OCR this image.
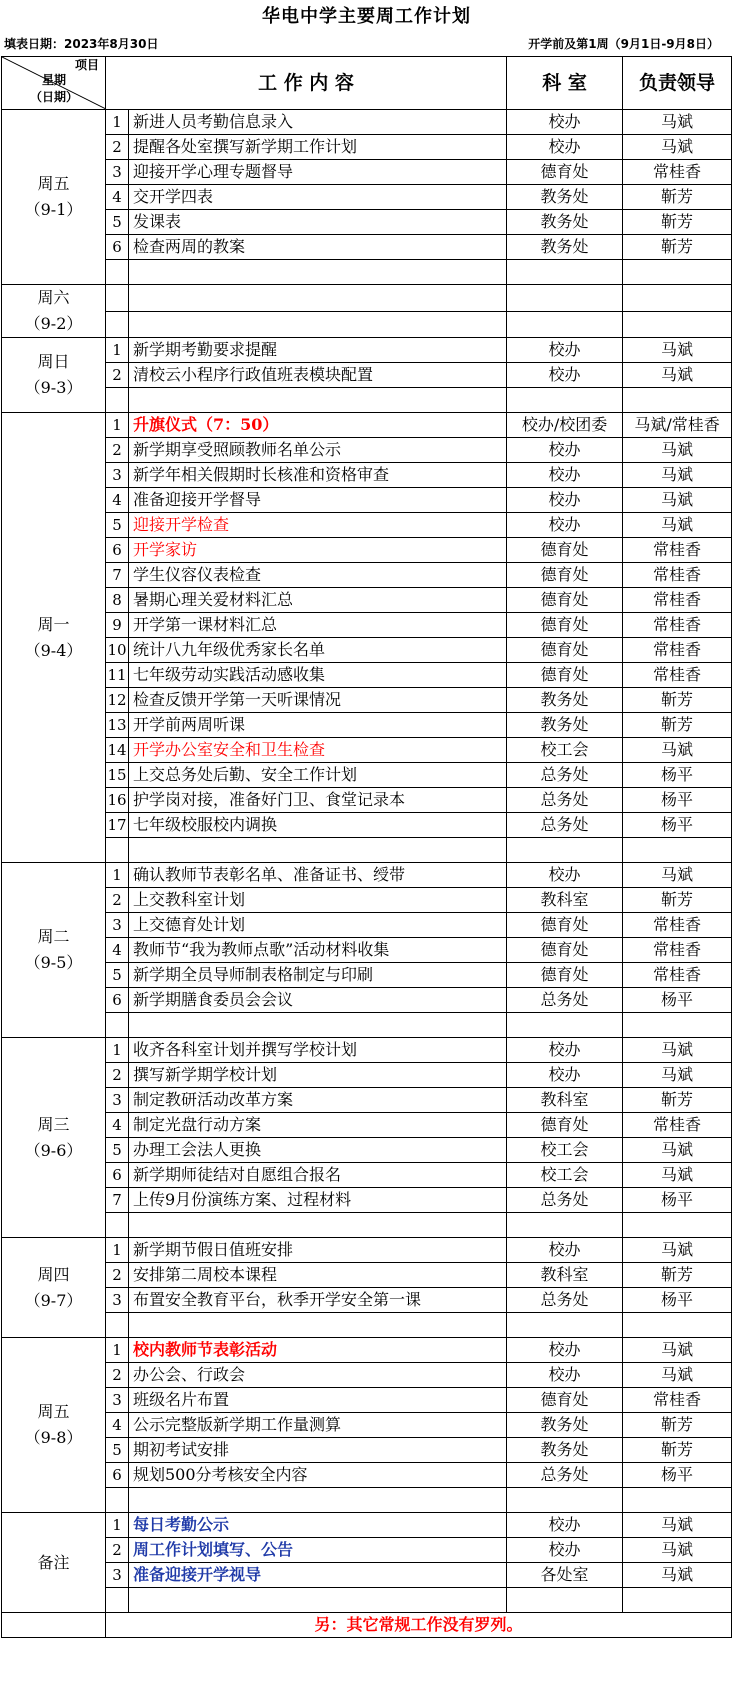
华电中学主要周工作计划
填表日期：2023年8月30日	开学前及第1周（9月1日-9月8日）
项目
星期
（日期）	工 作 内 容		科 室	负责领导

周五
（9-1）	1	新进人员考勤信息录入	校办	马斌
	2	提醒各处室撰写新学期工作计划	校办	马斌
	3	迎接开学心理专题督导	德育处	常桂香
	4	交开学四表	教务处	靳芳
	5	发课表	教务处	靳芳
	6	检查两周的教案	教务处	靳芳

周六
（9-2）				

周日
（9-3）	1	新学期考勤要求提醒	校办	马斌
	2	清校云小程序行政值班表模块配置	校办	马斌

周一
（9-4）	1	升旗仪式（7：50）	校办/校团委	马斌/常桂香
	2	新学期享受照顾教师名单公示	校办	马斌
	3	新学年相关假期时长核准和资格审查	校办	马斌
	4	准备迎接开学督导	校办	马斌
	5	迎接开学检查	校办	马斌
	6	开学家访	德育处	常桂香
	7	学生仪容仪表检查	德育处	常桂香
	8	暑期心理关爱材料汇总	德育处	常桂香
	9	开学第一课材料汇总	德育处	常桂香
	10	统计八九年级优秀家长名单	德育处	常桂香
	11	七年级劳动实践活动感收集	德育处	常桂香
	12	检查反馈开学第一天听课情况	教务处	靳芳
	13	开学前两周听课	教务处	靳芳
	14	开学办公室安全和卫生检查	校工会	马斌
	15	上交总务处后勤、安全工作计划	总务处	杨平
	16	护学岗对接，准备好门卫、食堂记录本	总务处	杨平
	17	七年级校服校内调换	总务处	杨平

周二
（9-5）	1	确认教师节表彰名单、准备证书、绶带	校办	马斌
	2	上交教科室计划	教科室	靳芳
	3	上交德育处计划	德育处	常桂香
	4	教师节“我为教师点歌”活动材料收集	德育处	常桂香
	5	新学期全员导师制表格制定与印刷	德育处	常桂香
	6	新学期膳食委员会会议	总务处	杨平

周三
（9-6）	1	收齐各科室计划并撰写学校计划	校办	马斌
	2	撰写新学期学校计划	校办	马斌
	3	制定教研活动改革方案	教科室	靳芳
	4	制定光盘行动方案	德育处	常桂香
	5	办理工会法人更换	校工会	马斌
	6	新学期师徒结对自愿组合报名	校工会	马斌
	7	上传9月份演练方案、过程材料	总务处	杨平

周四
（9-7）	1	新学期节假日值班安排	校办	马斌
	2	安排第二周校本课程	教科室	靳芳
	3	布置安全教育平台，秋季开学安全第一课	总务处	杨平

周五
（9-8）	1	校内教师节表彰活动	校办	马斌
	2	办公会、行政会	校办	马斌
	3	班级名片布置	德育处	常桂香
	4	公示完整版新学期工作量测算	教务处	靳芳
	5	期初考试安排	教务处	靳芳
	6	规划500分考核安全内容	总务处	杨平

备注	1	每日考勤公示	校办	马斌
	2	周工作计划填写、公告	校办	马斌
	3	准备迎接开学视导	各处室	马斌

	另：其它常规工作没有罗列。			
